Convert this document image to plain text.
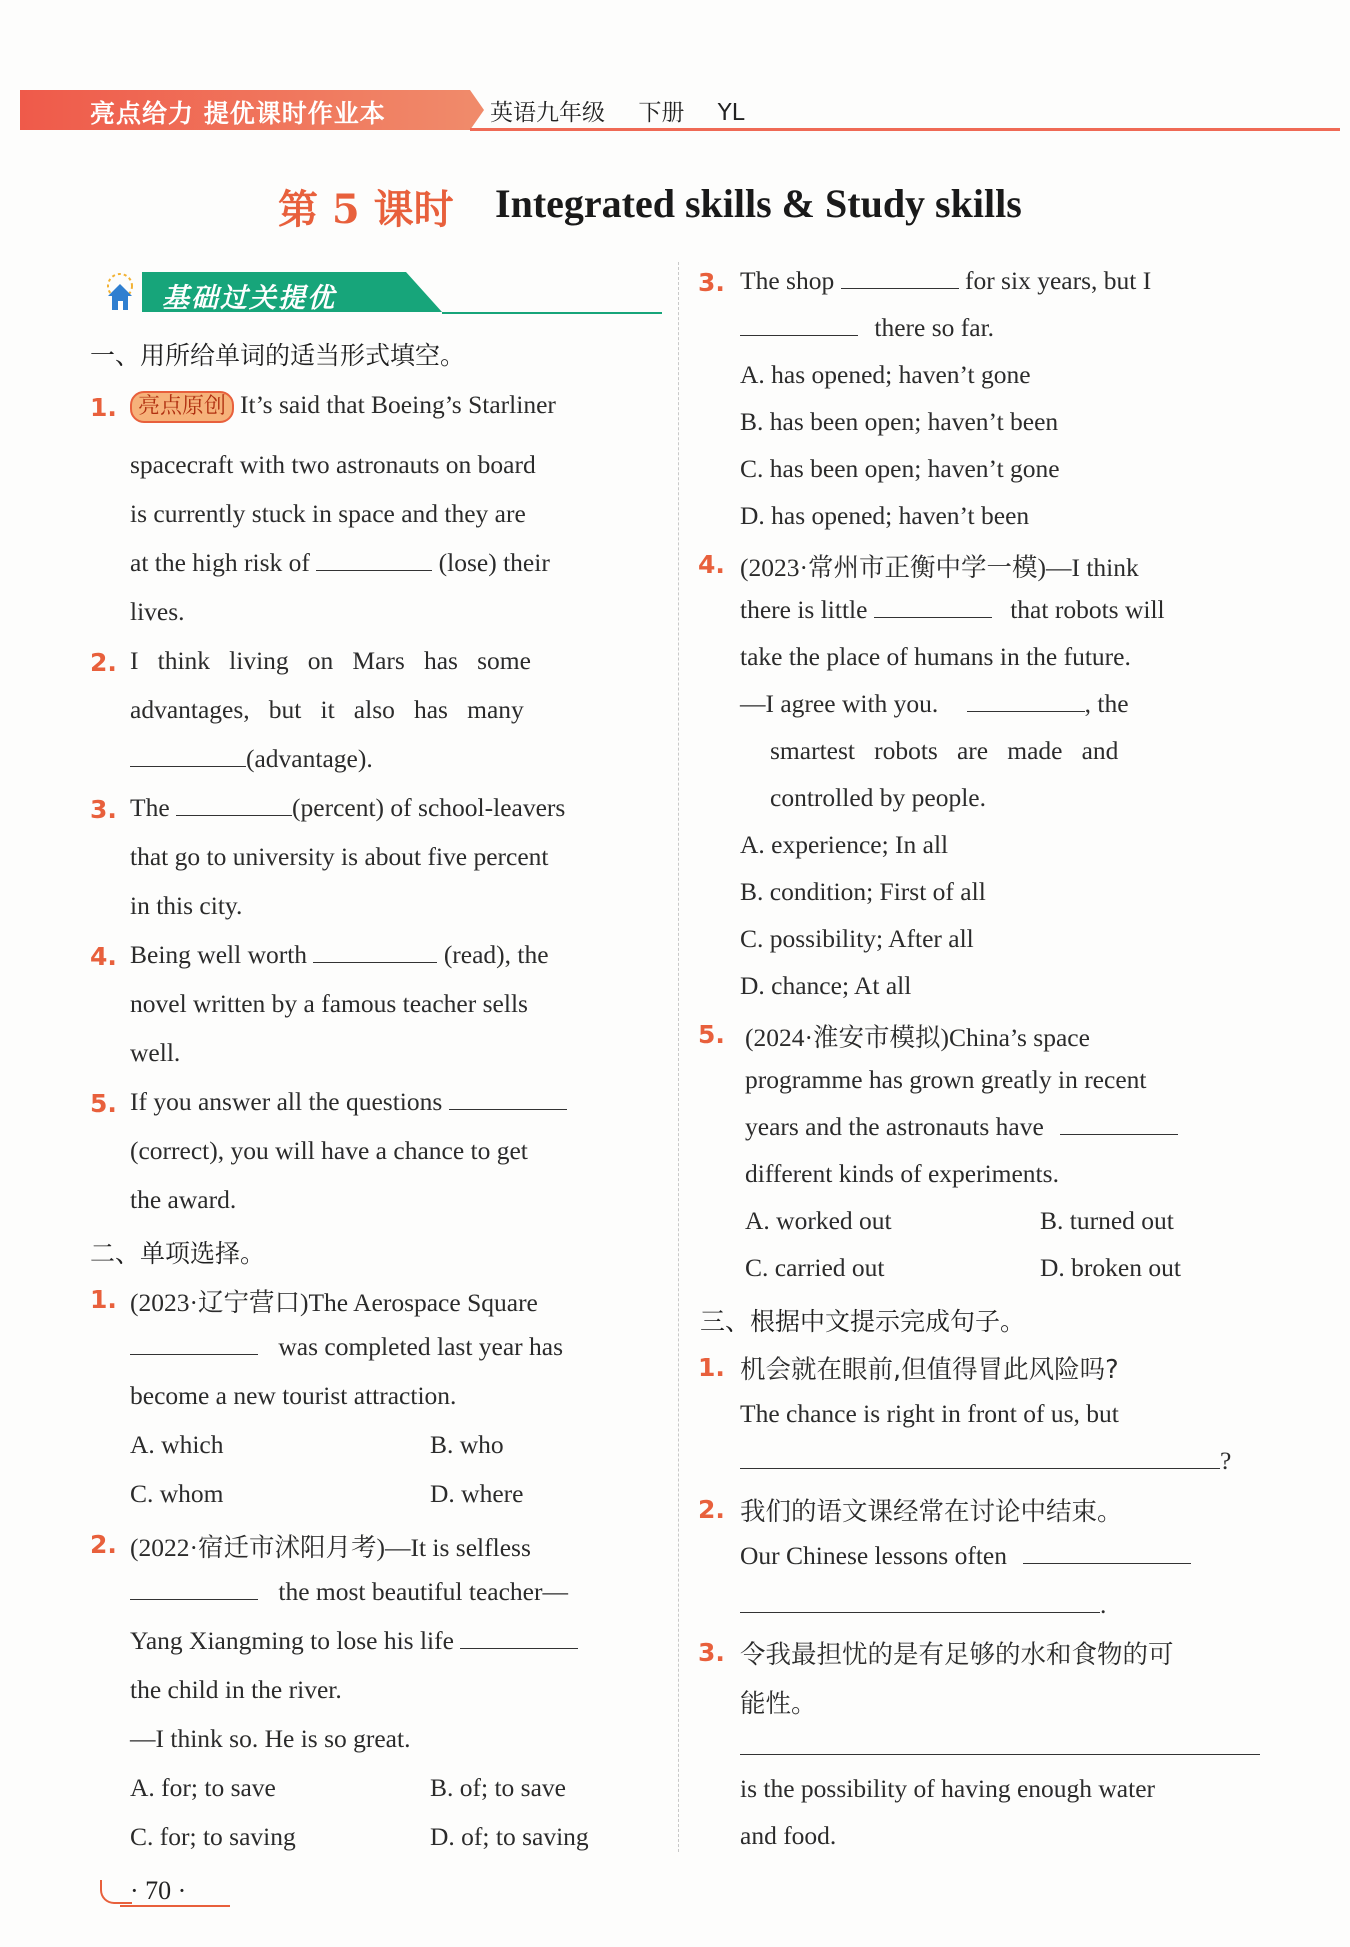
亮点给力 提优课时作业本	英语九年级 下册 YL
第 5 课时 Integrated skills & Study skills
基础过关提优
一、用所给单词的适当形式填空。
1. 亮点原创 It’s said that Boeing’s Starliner
spacecraft with two astronauts on board
is currently stuck in space and they are
at the high risk of	(lose) their
lives.
2. I   think   living   on   Mars   has   some
advantages,   but   it   also   has   many
(advantage).
3. The	(percent) of school-leavers
that go to university is about five percent
in this city.
4. Being well worth	(read), the
novel written by a famous teacher sells
well.
5. If you answer all the questions
(correct), you will have a chance to get
the award.
二、单项选择。
1. (2023·辽宁营口)The Aerospace Square
was completed last year has
become a new tourist attraction.
A. which	B. who
C. whom	D. where
2. (2022·宿迁市沭阳月考)—It is selfless
the most beautiful teacher—
Yang Xiangming to lose his life
the child in the river.
—I think so. He is so great.
A. for; to save	B. of; to save
C. for; to saving	D. of; to saving
3. The shop	for six years, but I
there so far.
A. has opened; haven’t gone
B. has been open; haven’t been
C. has been open; haven’t gone
D. has opened; haven’t been
4. (2023·常州市正衡中学一模)—I think
there is little	that robots will
take the place of humans in the future.
—I agree with you.	, the
smartest   robots   are   made   and
controlled by people.
A. experience; In all
B. condition; First of all
C. possibility; After all
D. chance; At all
5. (2024·淮安市模拟)China’s space
programme has grown greatly in recent
years and the astronauts have
different kinds of experiments.
A. worked out	B. turned out
C. carried out	D. broken out
三、根据中文提示完成句子。
1. 机会就在眼前,但值得冒此风险吗?
The chance is right in front of us, but
?
2. 我们的语文课经常在讨论中结束。
Our Chinese lessons often
.
3. 令我最担忧的是有足够的水和食物的可
能性。
is the possibility of having enough water
and food.
· 70 ·
